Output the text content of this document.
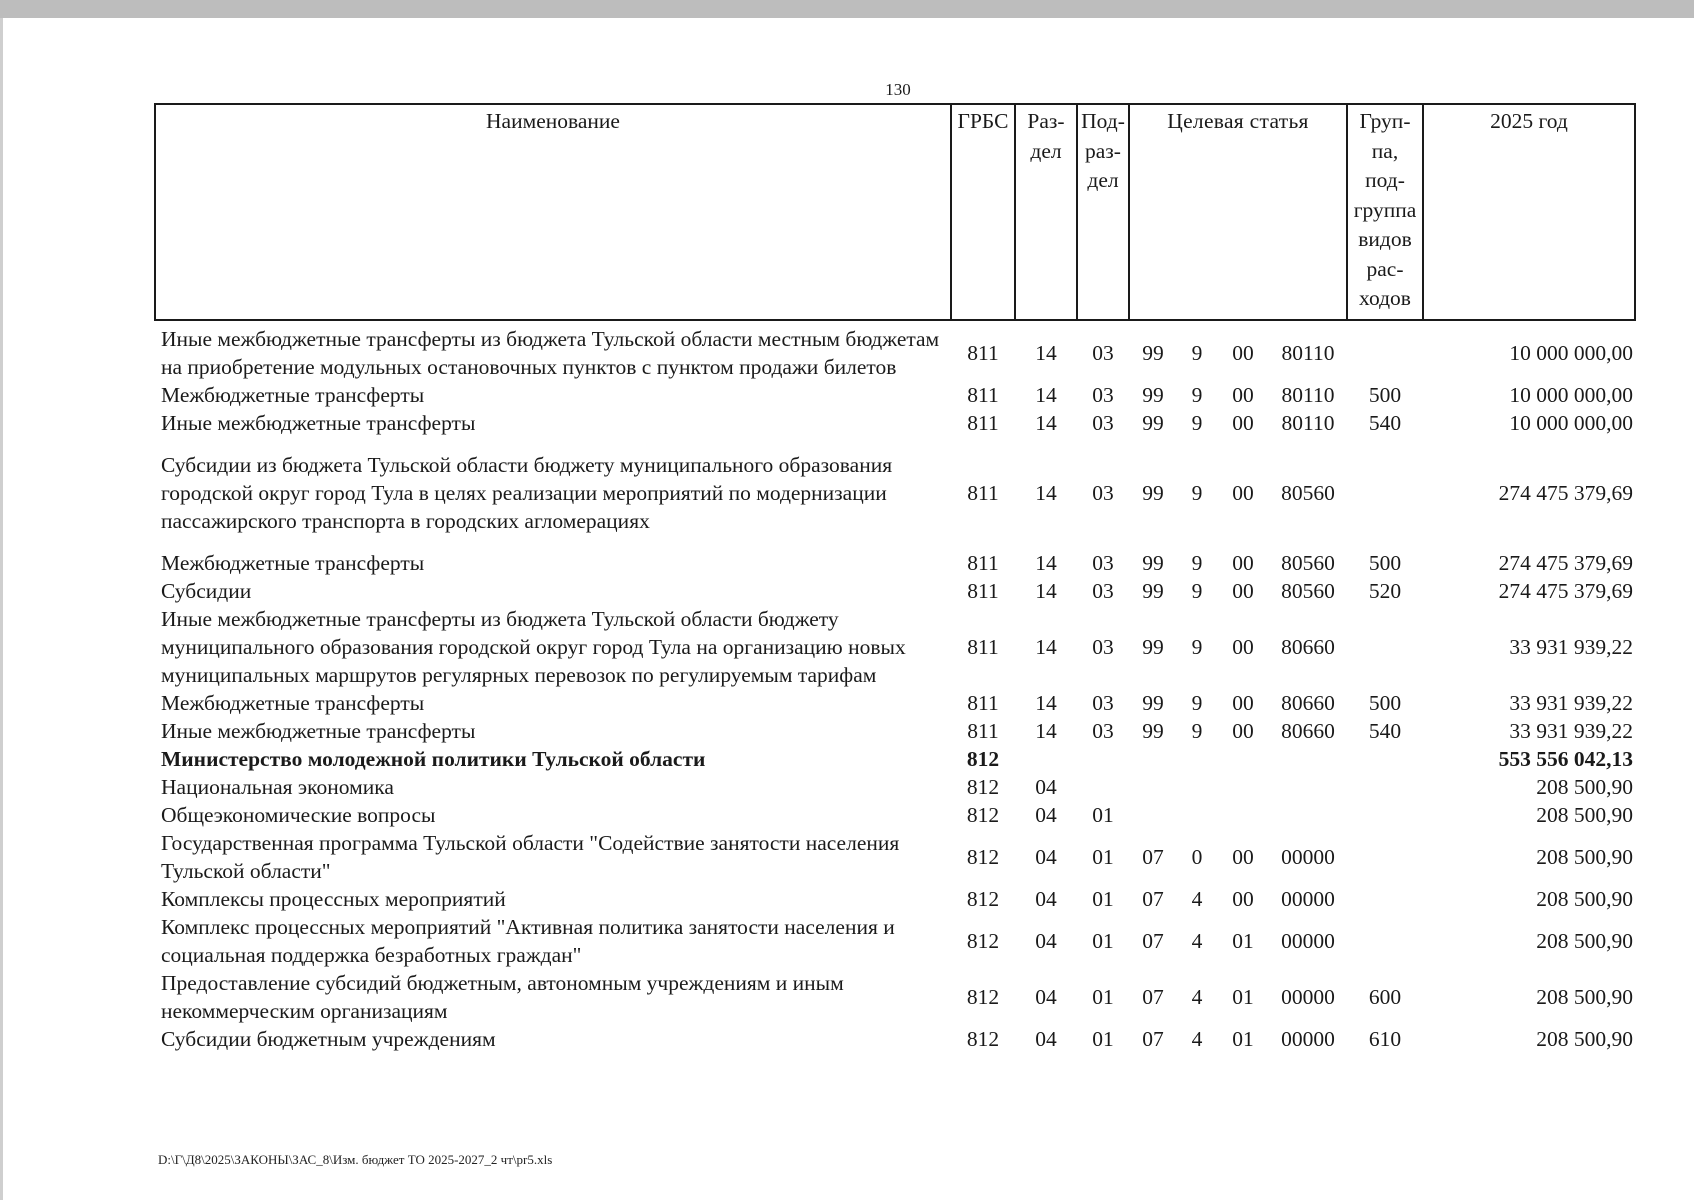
130
Наименование	ГРБС	Раз-дел	Под-раз-дел	Целевая статья				Груп-па, под-группа видов рас-ходов	2025 год
Иные межбюджетные трансферты из бюджета Тульской области местным бюджетам на приобретение модульных остановочных пунктов с пунктом продажи билетов	811	14	03	99	9	00	80110		10 000 000,00
Межбюджетные трансферты	811	14	03	99	9	00	80110	500	10 000 000,00
Иные межбюджетные трансферты	811	14	03	99	9	00	80110	540	10 000 000,00
Субсидии из бюджета Тульской области бюджету муниципального образования городской округ город Тула в целях реализации мероприятий по модернизации пассажирского транспорта в городских агломерациях	811	14	03	99	9	00	80560		274 475 379,69
Межбюджетные трансферты	811	14	03	99	9	00	80560	500	274 475 379,69
Субсидии	811	14	03	99	9	00	80560	520	274 475 379,69
Иные межбюджетные трансферты из бюджета Тульской области бюджету муниципального образования городской округ город Тула на организацию новых муниципальных маршрутов регулярных перевозок по регулируемым тарифам	811	14	03	99	9	00	80660		33 931 939,22
Межбюджетные трансферты	811	14	03	99	9	00	80660	500	33 931 939,22
Иные межбюджетные трансферты	811	14	03	99	9	00	80660	540	33 931 939,22
Министерство молодежной политики Тульской области	812								553 556 042,13
Национальная экономика	812	04							208 500,90
Общеэкономические вопросы	812	04	01						208 500,90
Государственная программа Тульской области "Содействие занятости населения Тульской области"	812	04	01	07	0	00	00000		208 500,90
Комплексы процессных мероприятий	812	04	01	07	4	00	00000		208 500,90
Комплекс процессных мероприятий "Активная политика занятости населения и социальная поддержка безработных граждан"	812	04	01	07	4	01	00000		208 500,90
Предоставление субсидий бюджетным, автономным учреждениям и иным некоммерческим организациям	812	04	01	07	4	01	00000	600	208 500,90
Субсидии бюджетным учреждениям	812	04	01	07	4	01	00000	610	208 500,90
D:\Г\Д8\2025\ЗАКОНЫ\ЗАС_8\Изм. бюджет ТО 2025-2027_2 чт\pr5.xls
